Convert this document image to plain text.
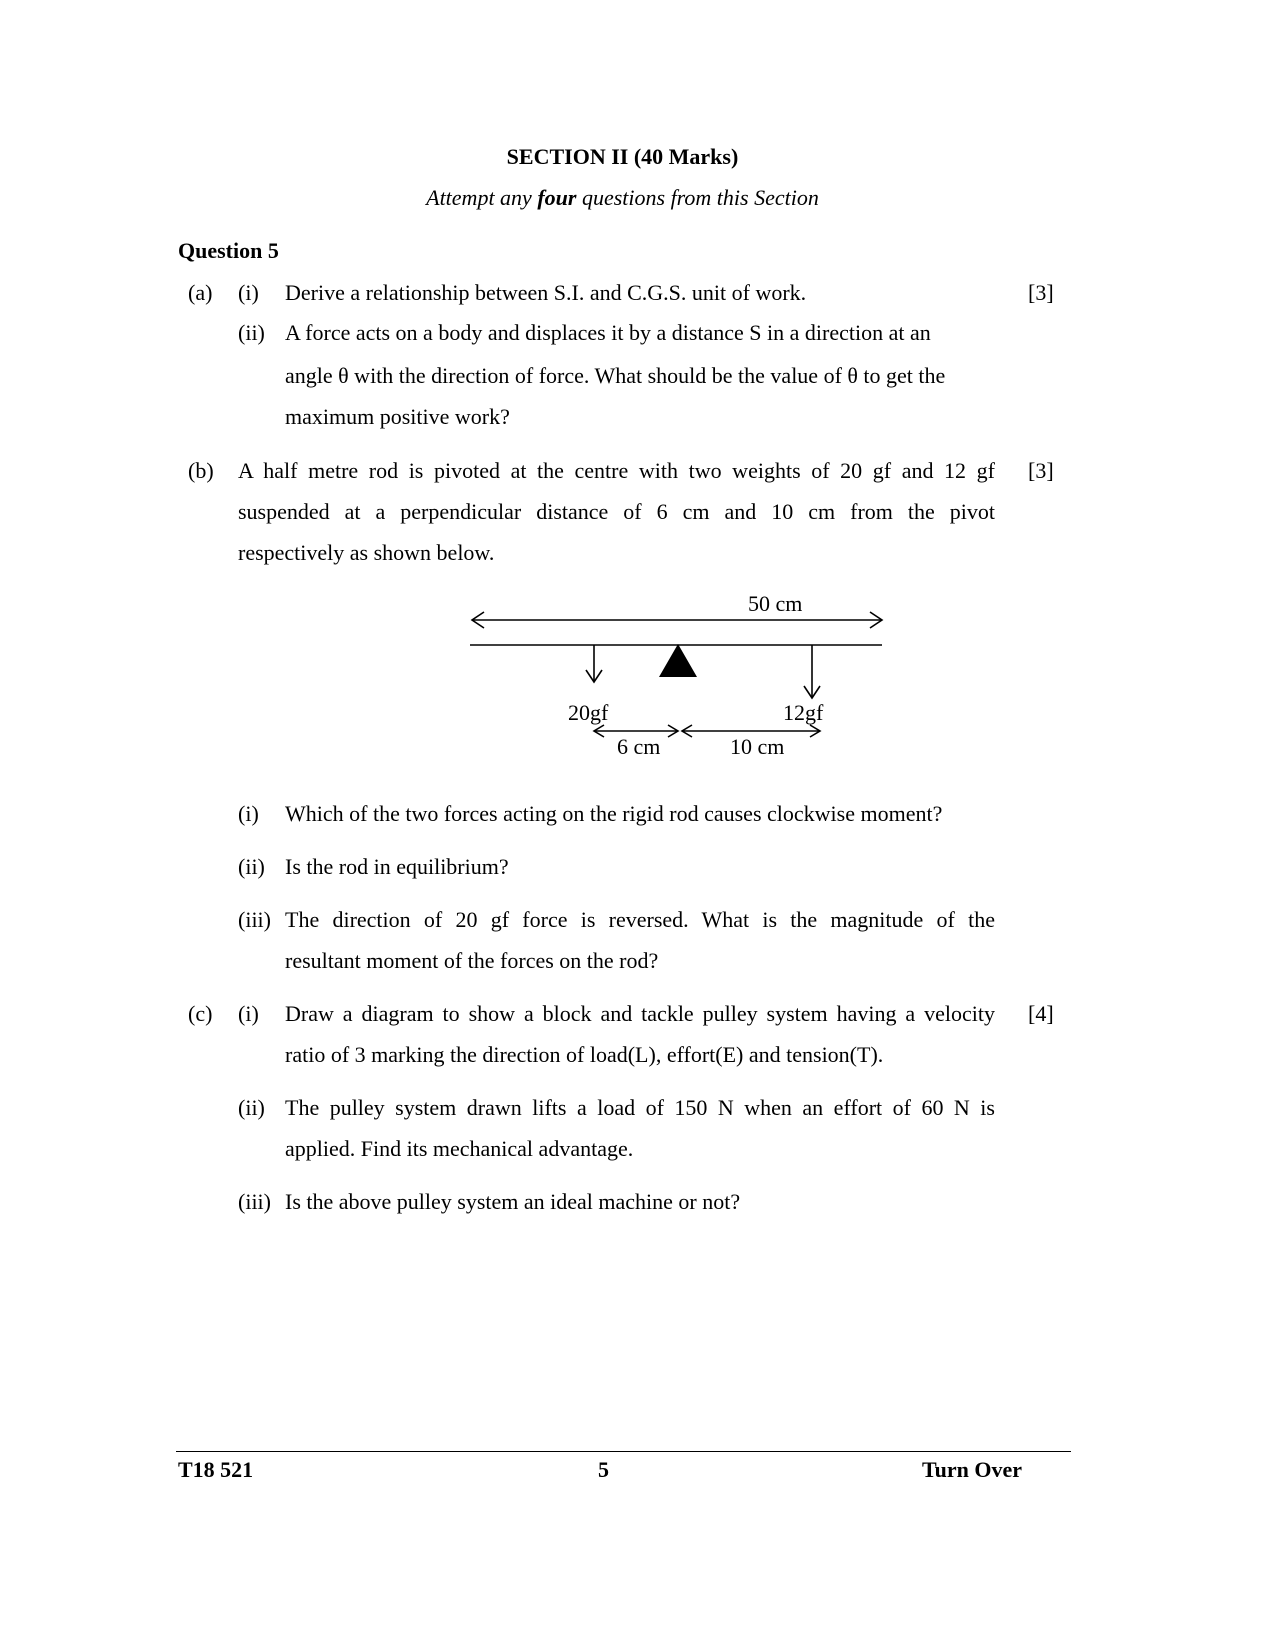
SECTION II (40 Marks)
Attempt any four questions from this Section
Question 5
(a) (i) Derive a relationship between S.I. and C.G.S. unit of work.	[3]
(ii) A force acts on a body and displaces it by a distance S in a direction at an
angle θ with the direction of force. What should be the value of θ to get the
maximum positive work?
(b) A half metre rod is pivoted at the centre with two weights of 20 gf and 12 gf
suspended at a perpendicular distance of 6 cm and 10 cm from the pivot
respectively as shown below.
[3]
50 cm
20gf	12gf
6 cm	10 cm
(i) Which of the two forces acting on the rigid rod causes clockwise moment?
(ii) Is the rod in equilibrium?
(iii) The direction of 20 gf force is reversed. What is the magnitude of the
resultant moment of the forces on the rod?
(c) (i) Draw a diagram to show a block and tackle pulley system having a velocity
ratio of 3 marking the direction of load(L), effort(E) and tension(T).
[4]
(ii) The pulley system drawn lifts a load of 150 N when an effort of 60 N is
applied. Find its mechanical advantage.
(iii) Is the above pulley system an ideal machine or not?
T18 521	5	Turn Over
